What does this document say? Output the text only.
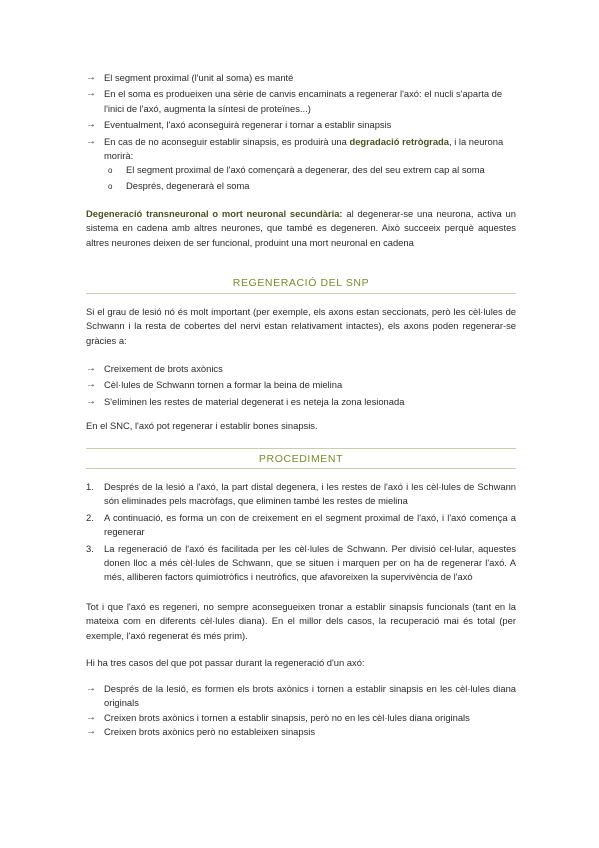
→ El segment proximal (l'unit al soma) es manté
→ En el soma es produeixen una sèrie de canvis encaminats a regenerar l'axó: el nucli s'aparta de l'inici de l'axó, augmenta la síntesi de proteïnes...)
→ Eventualment, l'axó aconseguirà regenerar i tornar a establir sinapsis
→ En cas de no aconseguir establir sinapsis, es produirà una degradació retrògrada, i la neurona morirà:
o	El segment proximal de l'axó començarà a degenerar, des del seu extrem cap al soma
o	Després, degenerarà el soma
Degeneració transneuronal o mort neuronal secundària: al degenerar-se una neurona, activa un sistema en cadena amb altres neurones, que també es degeneren. Això succeeix perquè aquestes altres neurones deixen de ser funcional, produint una mort neuronal en cadena
REGENERACIÓ DEL SNP
Si el grau de lesió nó és molt important (per exemple, els axons estan seccionats, però les cèl·lules de Schwann i la resta de cobertes del nervi estan relativament intactes), els axons poden regenerar-se gràcies a:
→ Creixement de brots axònics
→ Cèl·lules de Schwann tornen a formar la beina de mielina
→ S'eliminen les restes de material degenerat i es neteja la zona lesionada
En el SNC, l'axó pot regenerar i establir bones sinapsis.
PROCEDIMENT
1.	Després de la lesió a l'axó, la part distal degenera, i les restes de l'axó i les cèl·lules de Schwann són eliminades pels macròfags, que eliminen també les restes de mielina
2.	A continuació, es forma un con de creixement en el segment proximal de l'axó, i l'axó comença a regenerar
3.	La regeneració de l'axó és facilitada per les cèl·lules de Schwann. Per divisió cel·lular, aquestes donen lloc a més cèl·lules de Schwann, que se situen i marquen per on ha de regenerar l'axó. A més, alliberen factors quimiotròfics i neutròfics, que afavoreixen la supervivència de l'axó
Tot i que l'axó es regeneri, no sempre aconsegueixen tronar a establir sinapsis funcionals (tant en la mateixa com en diferents cèl·lules diana). En el millor dels casos, la recuperació mai és total (per exemple, l'axó regenerat és més prim).
Hi ha tres casos del que pot passar durant la regeneració d'un axó:
→ Després de la lesió, es formen els brots axònics i tornen a establir sinapsis en les cèl·lules diana originals
→ Creixen brots axònics i tornen a establir sinapsis, però no en les cèl·lules diana originals
→ Creixen brots axònics però no estableixen sinapsis
